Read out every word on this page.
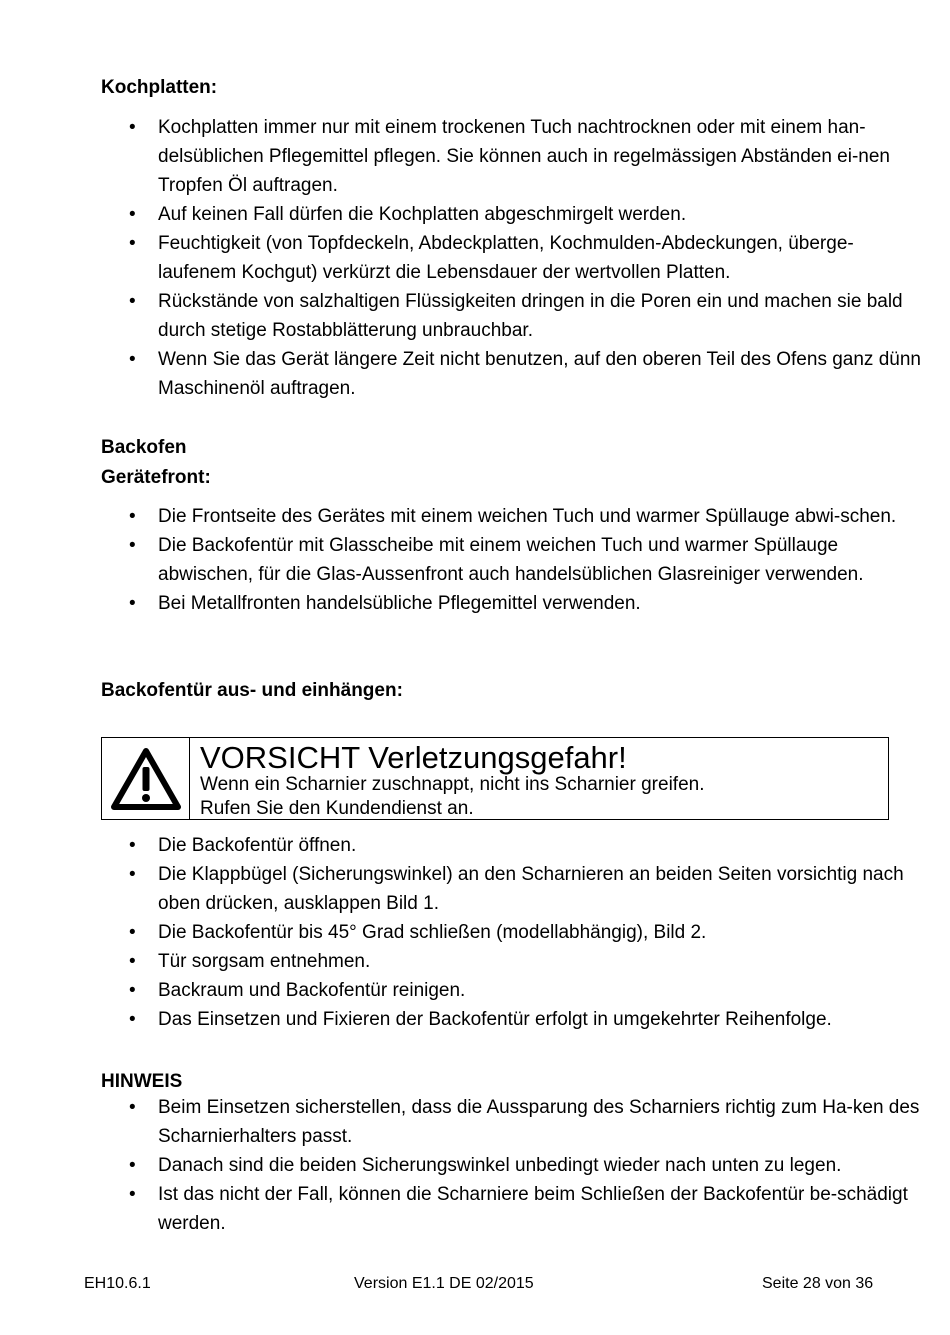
Kochplatten:
• Kochplatten immer nur mit einem trockenen Tuch nachtrocknen oder mit einem han-delsüblichen Pflegemittel pflegen. Sie können auch in regelmässigen Abständen ei-nen Tropfen Öl auftragen.
• Auf keinen Fall dürfen die Kochplatten abgeschmirgelt werden.
• Feuchtigkeit (von Topfdeckeln, Abdeckplatten, Kochmulden-Abdeckungen, überge-laufenem Kochgut) verkürzt die Lebensdauer der wertvollen Platten.
• Rückstände von salzhaltigen Flüssigkeiten dringen in die Poren ein und machen sie bald durch stetige Rostabblätterung unbrauchbar.
• Wenn Sie das Gerät längere Zeit nicht benutzen, auf den oberen Teil des Ofens ganz dünn Maschinenöl auftragen.
Backofen
Gerätefront:
• Die Frontseite des Gerätes mit einem weichen Tuch und warmer Spüllauge abwi-schen.
• Die Backofentür mit Glasscheibe mit einem weichen Tuch und warmer Spüllauge abwischen, für die Glas-Aussenfront auch handelsüblichen Glasreiniger verwenden.
• Bei Metallfronten handelsübliche Pflegemittel verwenden.
Backofentür aus- und einhängen:

VORSICHT Verletzungsgefahr!

Wenn ein Scharnier zuschnappt, nicht ins Scharnier greifen.

Rufen Sie den Kundendienst an.

• Die Backofentür öffnen.
• Die Klappbügel (Sicherungswinkel) an den Scharnieren an beiden Seiten vorsichtig nach oben drücken, ausklappen Bild 1.
• Die Backofentür bis 45° Grad schließen (modellabhängig), Bild 2.
• Tür sorgsam entnehmen.
• Backraum und Backofentür reinigen.
• Das Einsetzen und Fixieren der Backofentür erfolgt in umgekehrter Reihenfolge.
HINWEIS
• Beim Einsetzen sicherstellen, dass die Aussparung des Scharniers richtig zum Ha-ken des Scharnierhalters passt.
• Danach sind die beiden Sicherungswinkel unbedingt wieder nach unten zu legen.
• Ist das nicht der Fall, können die Scharniere beim Schließen der Backofentür be-schädigt werden.

EH10.6.1	Version E1.1 DE 02/2015	Seite 28 von 36
